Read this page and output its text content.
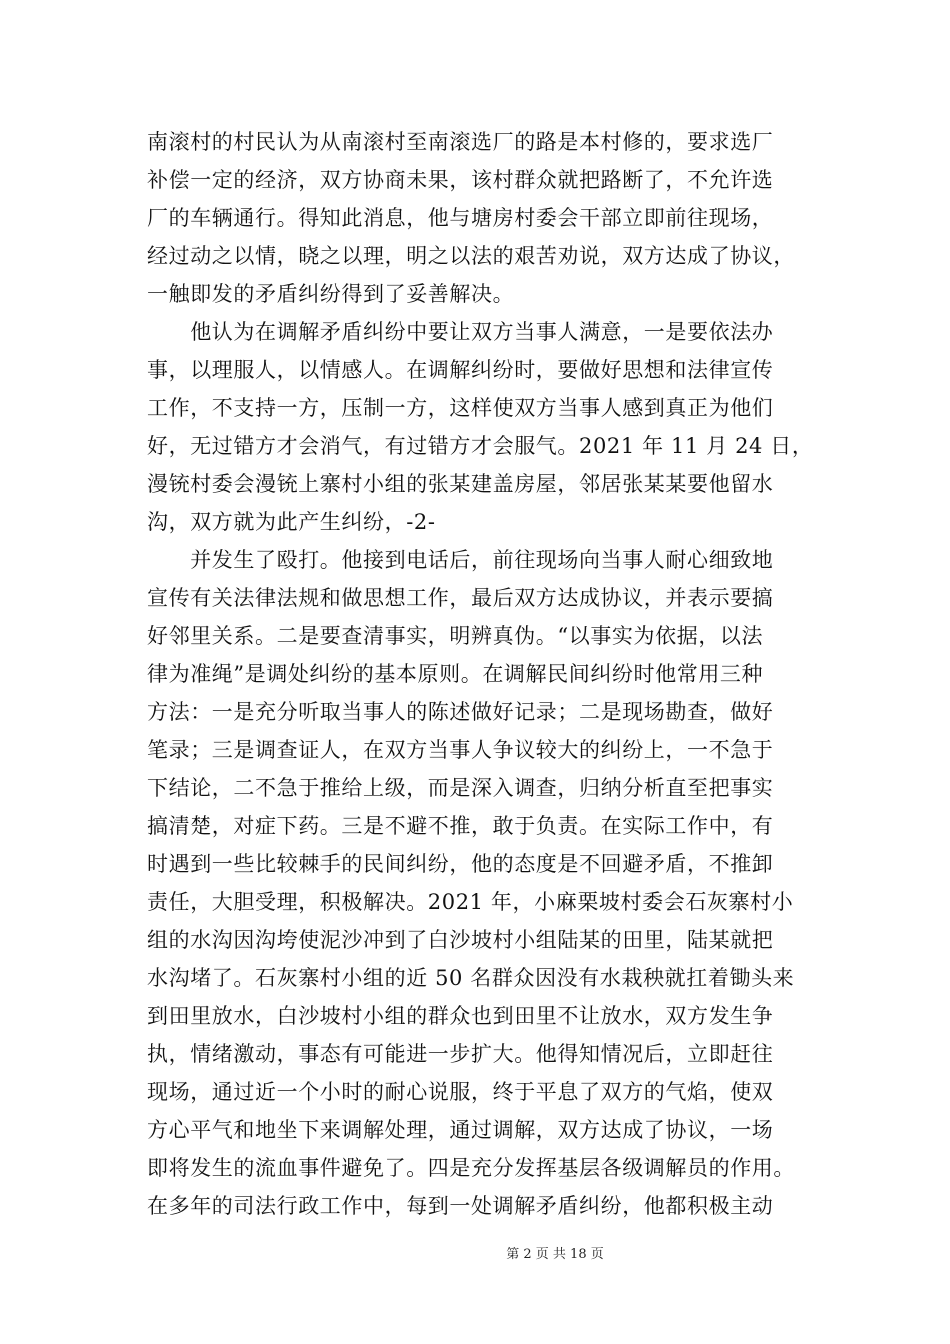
南滚村的村民认为从南滚村至南滚选厂的路是本村修的，要求选厂
补偿一定的经济，双方协商未果，该村群众就把路断了，不允许选
厂的车辆通行。得知此消息，他与塘房村委会干部立即前往现场，
经过动之以情，晓之以理，明之以法的艰苦劝说，双方达成了协议，
一触即发的矛盾纠纷得到了妥善解决。
　　他认为在调解矛盾纠纷中要让双方当事人满意，一是要依法办
事，以理服人，以情感人。在调解纠纷时，要做好思想和法律宣传
工作，不支持一方，压制一方，这样使双方当事人感到真正为他们
好，无过错方才会消气，有过错方才会服气。2021 年 11 月 24 日，
漫铳村委会漫铳上寨村小组的张某建盖房屋，邻居张某某要他留水
沟，双方就为此产生纠纷，-2-
　　并发生了殴打。他接到电话后，前往现场向当事人耐心细致地
宣传有关法律法规和做思想工作，最后双方达成协议，并表示要搞
好邻里关系。二是要查清事实，明辨真伪。“以事实为依据，以法
律为准绳”是调处纠纷的基本原则。在调解民间纠纷时他常用三种
方法：一是充分听取当事人的陈述做好记录；二是现场勘查，做好
笔录；三是调查证人，在双方当事人争议较大的纠纷上，一不急于
下结论，二不急于推给上级，而是深入调查，归纳分析直至把事实
搞清楚，对症下药。三是不避不推，敢于负责。在实际工作中，有
时遇到一些比较棘手的民间纠纷，他的态度是不回避矛盾，不推卸
责任，大胆受理，积极解决。2021 年，小麻栗坡村委会石灰寨村小
组的水沟因沟垮使泥沙冲到了白沙坡村小组陆某的田里，陆某就把
水沟堵了。石灰寨村小组的近 50 名群众因没有水栽秧就扛着锄头来
到田里放水，白沙坡村小组的群众也到田里不让放水，双方发生争
执，情绪激动，事态有可能进一步扩大。他得知情况后，立即赶往
现场，通过近一个小时的耐心说服，终于平息了双方的气焰，使双
方心平气和地坐下来调解处理，通过调解，双方达成了协议，一场
即将发生的流血事件避免了。四是充分发挥基层各级调解员的作用。
在多年的司法行政工作中，每到一处调解矛盾纠纷，他都积极主动
第 2 页 共 18 页
